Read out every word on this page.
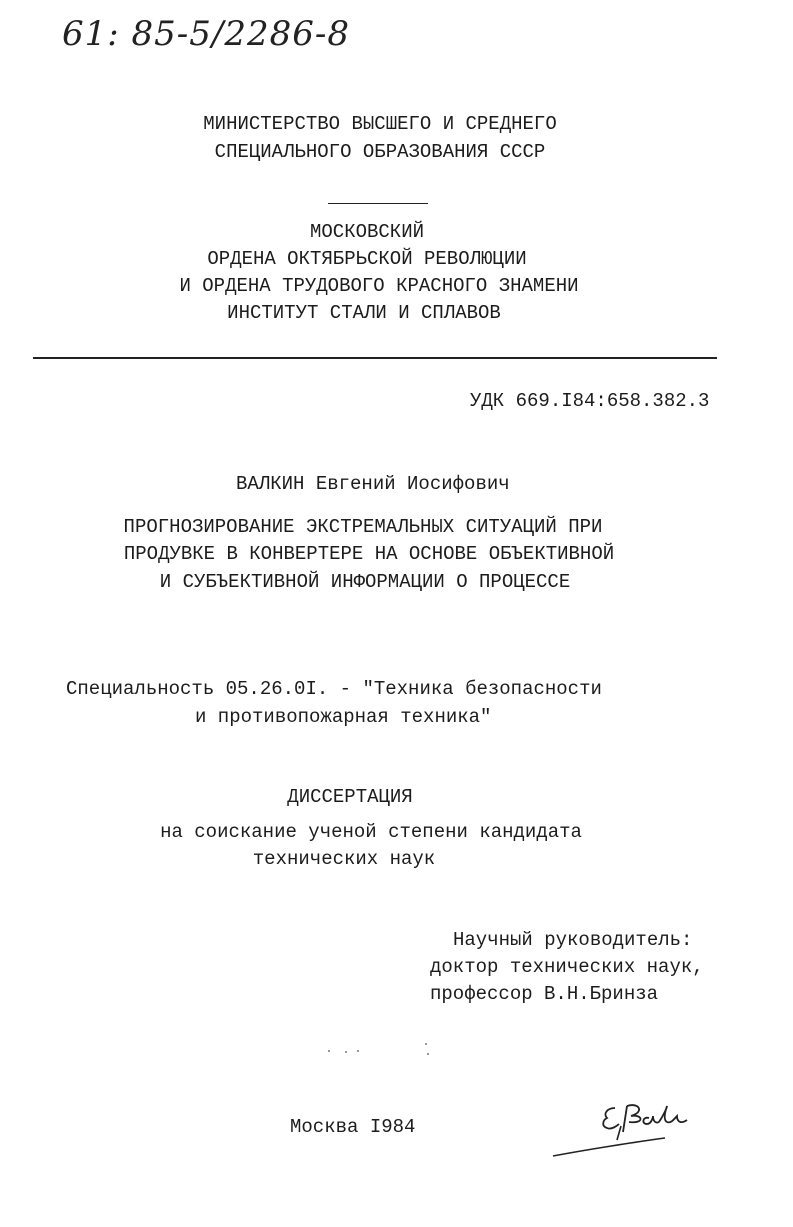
61: 85-5/2286-8
МИНИСТЕРСТВО ВЫСШЕГО И СРЕДНЕГО
СПЕЦИАЛЬНОГО ОБРАЗОВАНИЯ СССР
МОСКОВСКИЙ
ОРДЕНА ОКТЯБРЬСКОЙ РЕВОЛЮЦИИ
И ОРДЕНА ТРУДОВОГО КРАСНОГО ЗНАМЕНИ
ИНСТИТУТ СТАЛИ И СПЛАВОВ
УДК 669.I84:658.382.3
ВАЛКИН Евгений Иосифович
ПРОГНОЗИРОВАНИЕ ЭКСТРЕМАЛЬНЫХ СИТУАЦИЙ ПРИ
ПРОДУВКЕ В КОНВЕРТЕРЕ НА ОСНОВЕ ОБЪЕКТИВНОЙ
И СУБЪЕКТИВНОЙ ИНФОРМАЦИИ О ПРОЦЕССЕ
Специальность 05.26.0I. - "Техника безопасности
и противопожарная техника"
ДИССЕРТАЦИЯ
на соискание ученой степени кандидата
технических наук
Научный руководитель:
доктор технических наук,
профессор В.Н.Бринза
Москва I984
